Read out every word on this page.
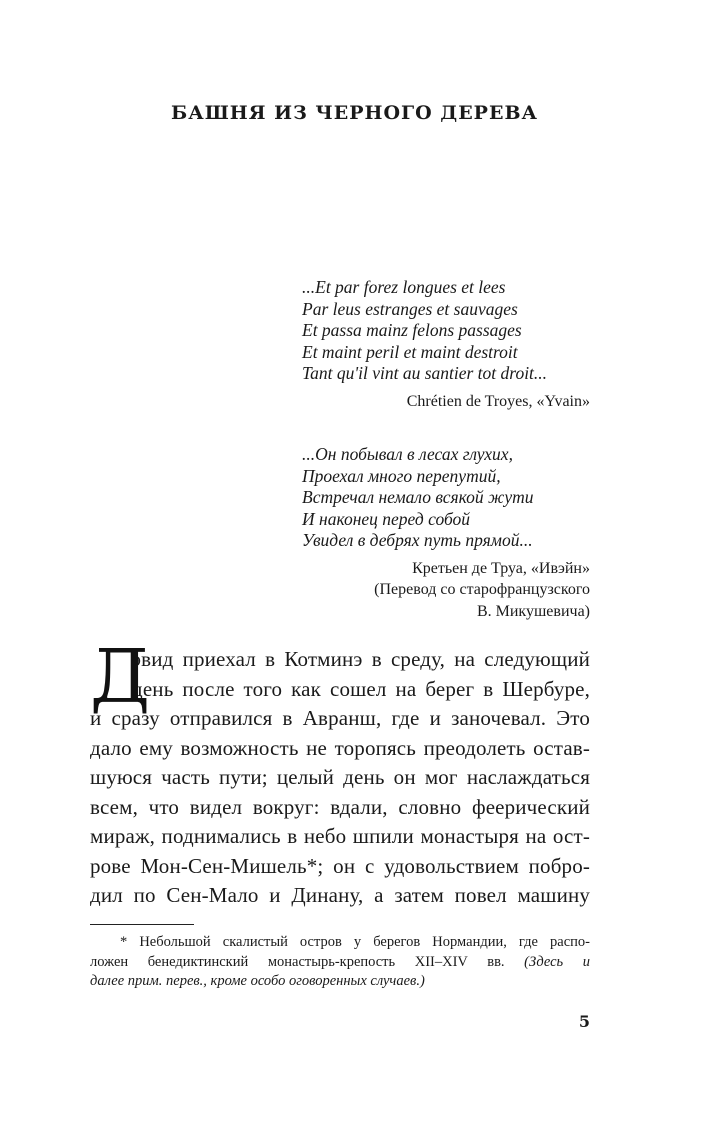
БАШНЯ ИЗ ЧЕРНОГО ДЕРЕВА
...Et par forez longues et lees
Par leus estranges et sauvages
Et passa mainz felons passages
Et maint peril et maint destroit
Tant qu'il vint au santier tot droit...
Chrétien de Troyes, «Yvain»
...Он побывал в лесах глухих,
Проехал много перепутий,
Встречал немало всякой жути
И наконец перед собой
Увидел в дебрях путь прямой...
Кретьен де Труа, «Ивэйн»
(Перевод со старофранцузского
В. Микушевича)
Д
эвид приехал в Котминэ в среду, на следующий
день после того как сошел на берег в Шербуре,
и сразу отправился в Авранш, где и заночевал. Это
дало ему возможность не торопясь преодолеть остав-
шуюся часть пути; целый день он мог наслаждаться
всем, что видел вокруг: вдали, словно феерический
мираж, поднимались в небо шпили монастыря на ост-
рове Мон-Сен-Мишель*; он с удовольствием побро-
дил по Сен-Мало и Динану, а затем повел машину
* Небольшой скалистый остров у берегов Нормандии, где распо-
ложен бенедиктинский монастырь-крепость XII–XIV вв. (Здесь и
далее прим. перев., кроме особо оговоренных случаев.)
5
